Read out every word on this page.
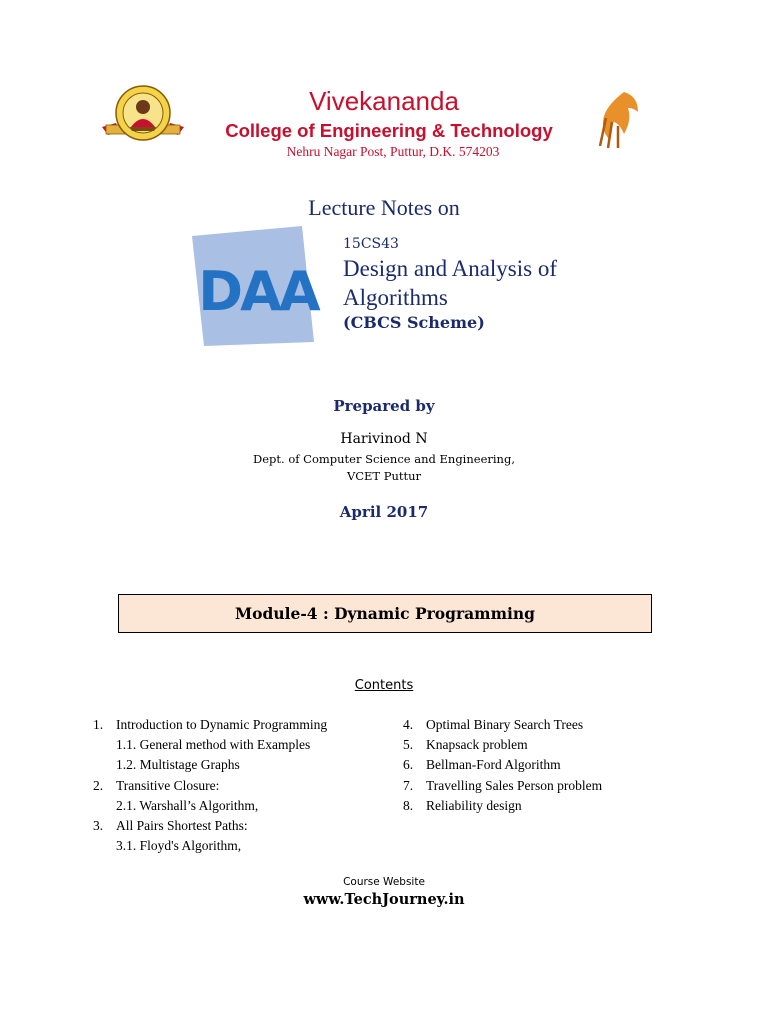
Vivekananda
College of Engineering & Technology
Nehru Nagar Post, Puttur, D.K. 574203
Lecture Notes on
DAA
15CS43
Design and Analysis of
Algorithms
(CBCS Scheme)
Prepared by
Harivinod N
Dept. of Computer Science and Engineering,
VCET Puttur
April 2017
Module-4 : Dynamic Programming
Contents
1. Introduction to Dynamic Programming
1.1. General method with Examples
1.2. Multistage Graphs
2. Transitive Closure:
2.1. Warshall’s Algorithm,
3. All Pairs Shortest Paths:
3.1. Floyd's Algorithm,
4. Optimal Binary Search Trees
5. Knapsack problem
6. Bellman-Ford Algorithm
7. Travelling Sales Person problem
8. Reliability design
Course Website
www.TechJourney.in
